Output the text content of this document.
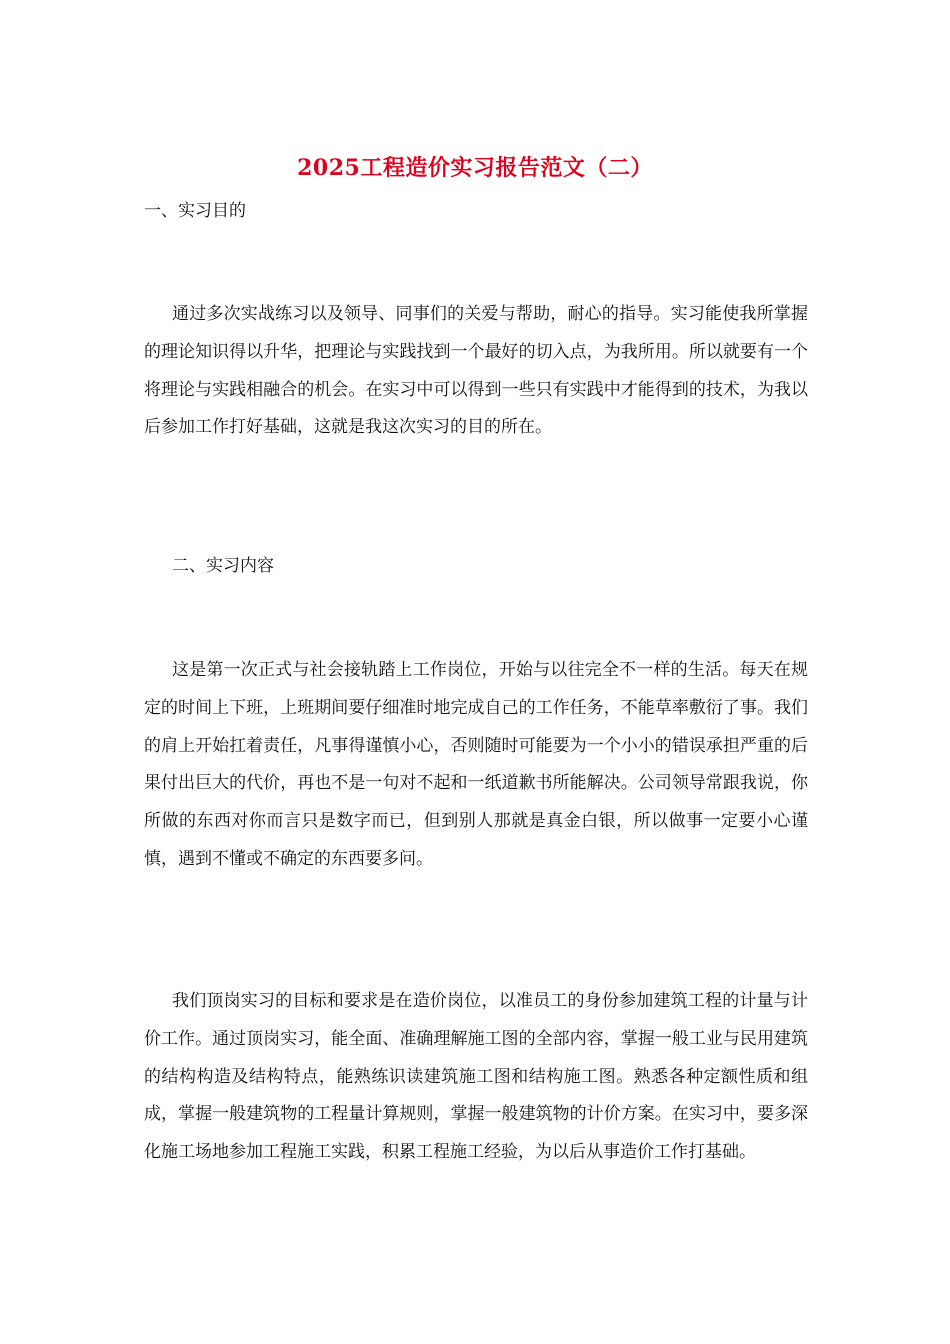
2025工程造价实习报告范文（二）
一、实习目的

通过多次实战练习以及领导、同事们的关爱与帮助，耐心的指导。实习能使我所掌握的理论知识得以升华，把理论与实践找到一个最好的切入点，为我所用。所以就要有一个将理论与实践相融合的机会。在实习中可以得到一些只有实践中才能得到的技术，为我以后参加工作打好基础，这就是我这次实习的目的所在。

二、实习内容

这是第一次正式与社会接轨踏上工作岗位，开始与以往完全不一样的生活。每天在规定的时间上下班，上班期间要仔细准时地完成自己的工作任务，不能草率敷衍了事。我们的肩上开始扛着责任，凡事得谨慎小心，否则随时可能要为一个小小的错误承担严重的后果付出巨大的代价，再也不是一句对不起和一纸道歉书所能解决。公司领导常跟我说，你所做的东西对你而言只是数字而已，但到别人那就是真金白银，所以做事一定要小心谨慎，遇到不懂或不确定的东西要多问。

我们顶岗实习的目标和要求是在造价岗位，以准员工的身份参加建筑工程的计量与计价工作。通过顶岗实习，能全面、准确理解施工图的全部内容，掌握一般工业与民用建筑的结构构造及结构特点，能熟练识读建筑施工图和结构施工图。熟悉各种定额性质和组成，掌握一般建筑物的工程量计算规则，掌握一般建筑物的计价方案。在实习中，要多深化施工场地参加工程施工实践，积累工程施工经验，为以后从事造价工作打基础。
